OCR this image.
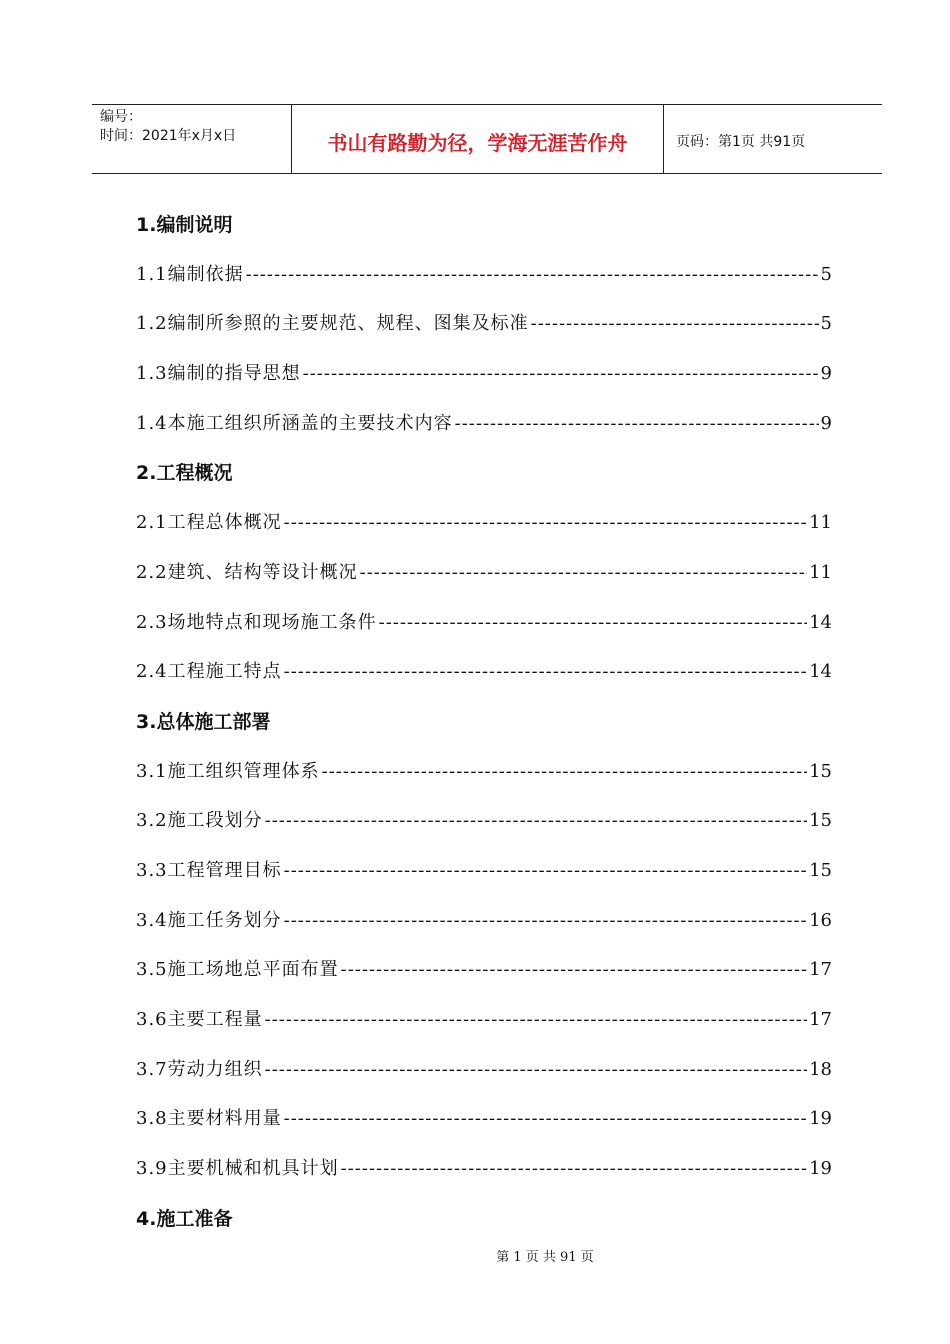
编号：
时间：2021年x月x日	书山有路勤为径，学海无涯苦作舟	页码：第1页 共91页
1.编制说明
1.1编制依据 -----	5
1.2编制所参照的主要规范、规程、图集及标准 -----	5
1.3编制的指导思想 -----	9
1.4本施工组织所涵盖的主要技术内容 -----	9
2.工程概况
2.1工程总体概况 -----	11
2.2建筑、结构等设计概况 -----	11
2.3场地特点和现场施工条件 -----	14
2.4工程施工特点 -----	14
3.总体施工部署
3.1施工组织管理体系 -----	15
3.2施工段划分 -----	15
3.3工程管理目标 -----	15
3.4施工任务划分 -----	16
3.5施工场地总平面布置 -----	17
3.6主要工程量 -----	17
3.7劳动力组织 -----	18
3.8主要材料用量 -----	19
3.9主要机械和机具计划 -----	19
4.施工准备
第 1 页 共 91 页
